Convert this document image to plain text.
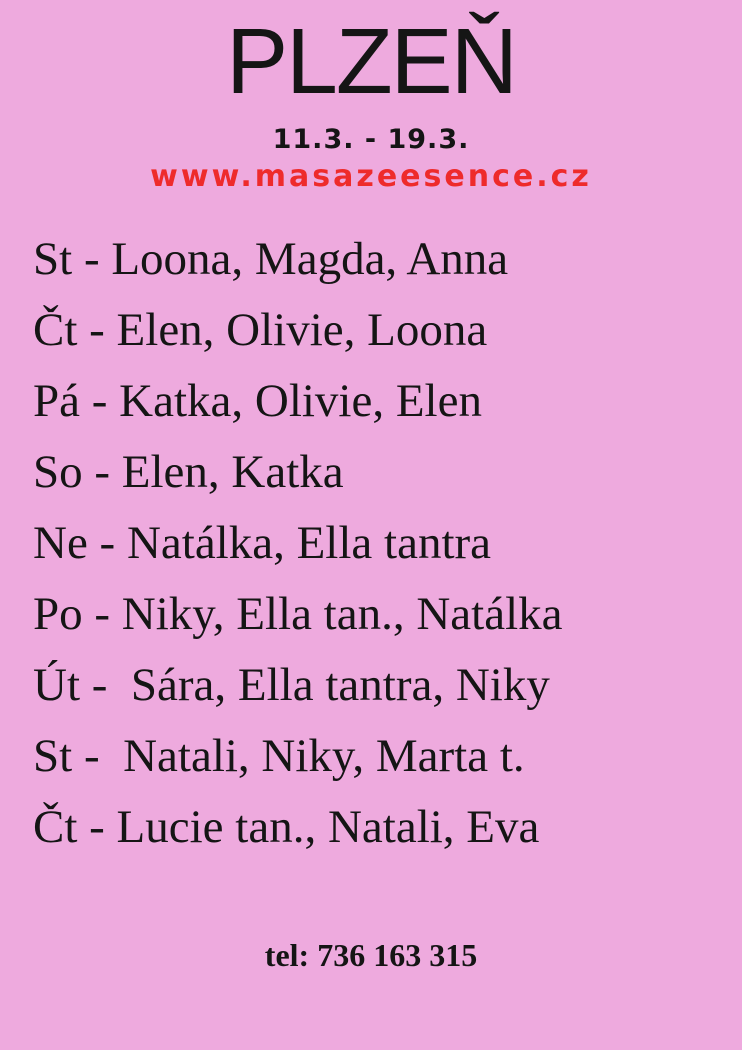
PLZEŇ
11.3. - 19.3.
www.masazeesence.cz
St - Loona, Magda, Anna
Čt - Elen, Olivie, Loona
Pá - Katka, Olivie, Elen
So - Elen, Katka
Ne - Natálka, Ella tantra
Po - Niky, Ella tan., Natálka
Út -  Sára, Ella tantra, Niky
St -  Natali, Niky, Marta t.
Čt - Lucie tan., Natali, Eva
tel: 736 163 315
